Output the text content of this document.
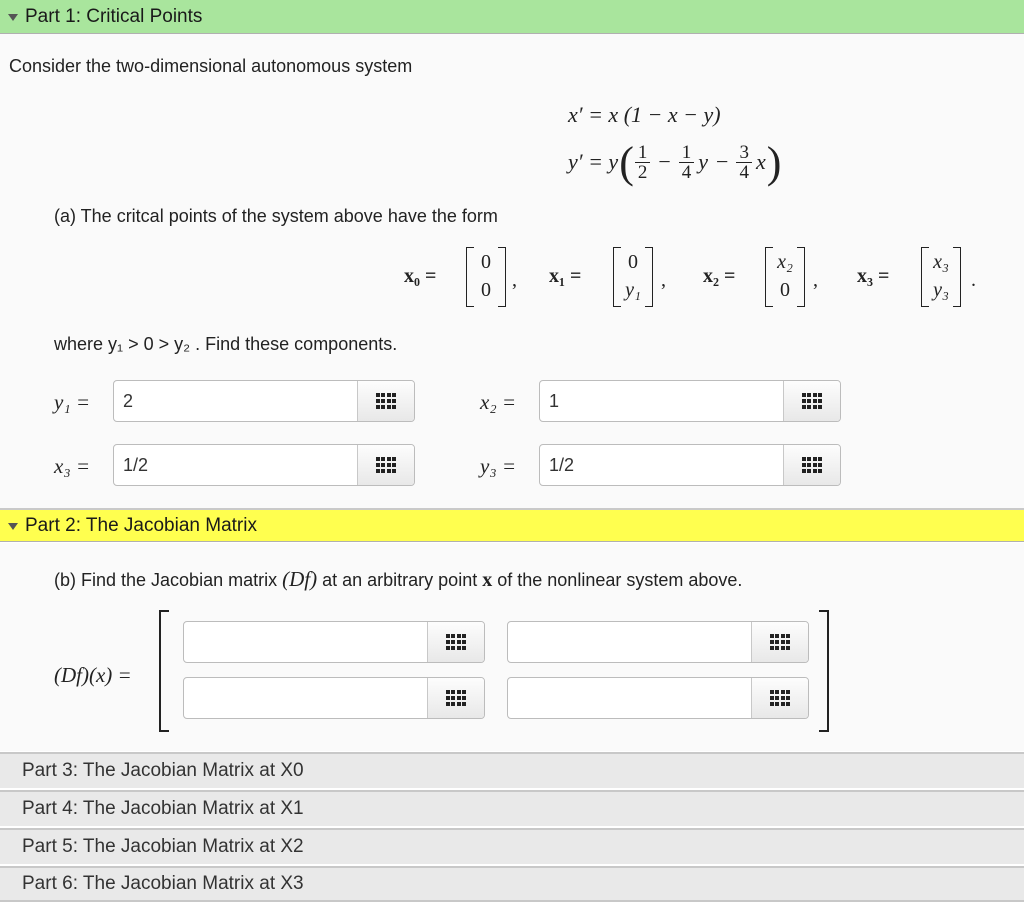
Part 1: Critical Points
Consider the two-dimensional autonomous system
x′ = x (1 − x − y)
y′ = y ( $\frac{1}{2} - \frac{1}{4}$ $y - \frac{3}{4}$ x )
(a) The critcal points of the system above have the form
x₀ =
0
0	, x₁ =
0
y₁	, x₂ =
x₂
0	, x₃ =
x₃
y₃	.
where y₁ > 0 > y₂ . Find these components.
y₁ =	2	x₂ =	1
x₃ =	1/2	y₃ =	1/2
Part 2: The Jacobian Matrix
(b) Find the Jacobian matrix (Df) at an arbitrary point x of the nonlinear system above.
(Df)(x) =
Part 3: The Jacobian Matrix at X0
Part 4: The Jacobian Matrix at X1
Part 5: The Jacobian Matrix at X2
Part 6: The Jacobian Matrix at X3
